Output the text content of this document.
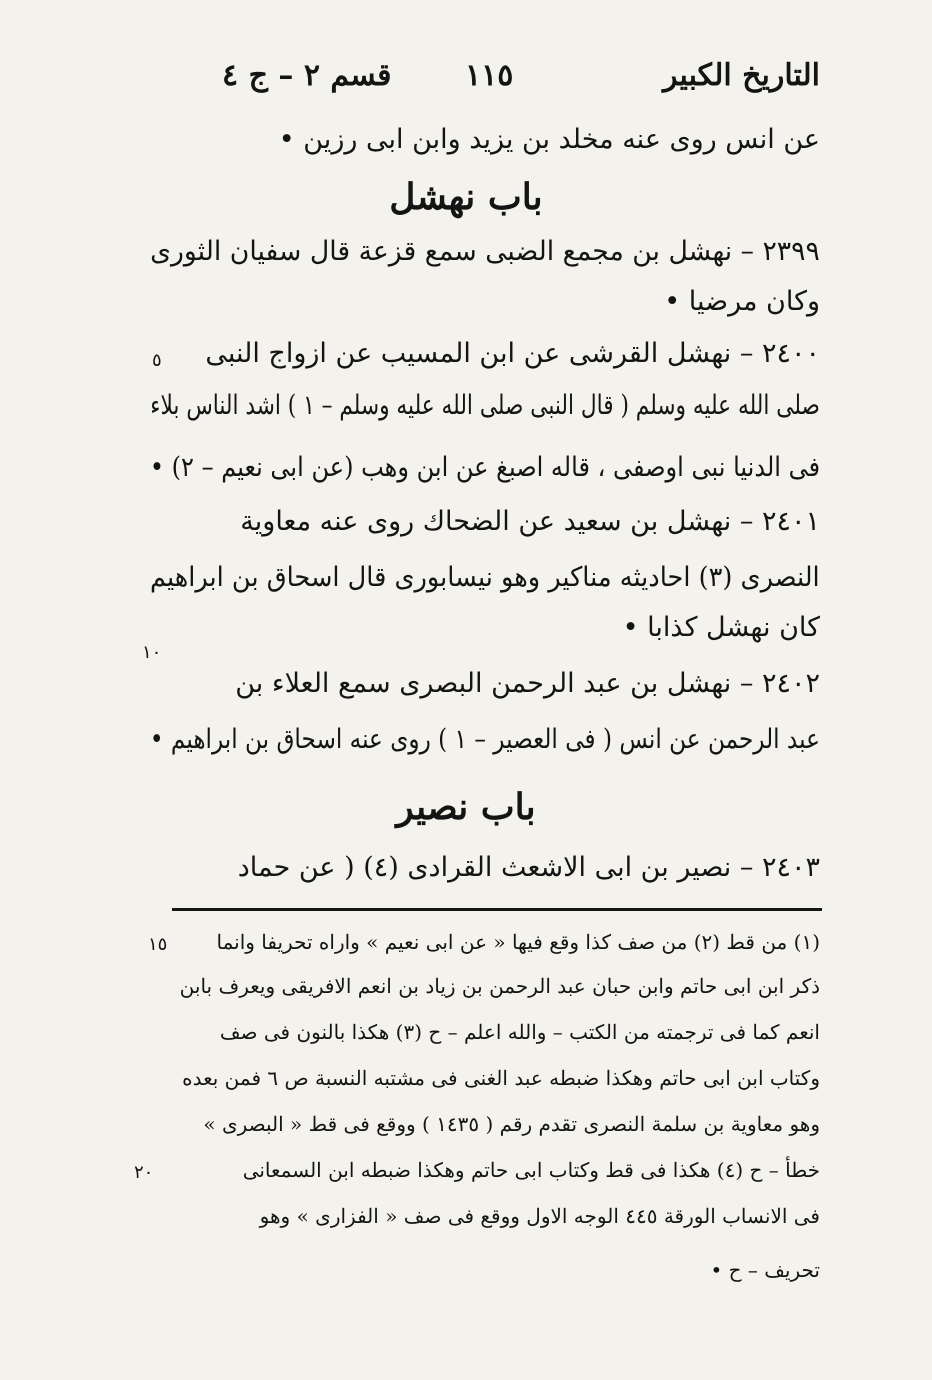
التاريخ الكبير
١١٥
قسم ٢ – ج ٤
عن انس روى عنه مخلد بن يزيد وابن ابى رزين •
باب نهشل
٢٣٩٩ – نهشل بن مجمع الضبى سمع قزعة قال سفيان الثورى
وكان مرضيا •
٢٤٠٠ – نهشل القرشى عن ابن المسيب عن ازواج النبى
صلى الله عليه وسلم ( قال النبى صلى الله عليه وسلم – ١ ) اشد الناس بلاء
فى الدنيا نبى اوصفى ، قاله اصبغ عن ابن وهب (عن ابى نعيم – ٢) •
٢٤٠١ – نهشل بن سعيد عن الضحاك روى عنه معاوية
النصرى (٣) احاديثه مناكير وهو نيسابورى قال اسحاق بن ابراهيم
كان نهشل كذابا •
٢٤٠٢ – نهشل بن عبد الرحمن البصرى سمع العلاء بن
عبد الرحمن عن انس ( فى العصير – ١ ) روى عنه اسحاق بن ابراهيم •
باب نصير
٢٤٠٣ – نصير بن ابى الاشعث القرادى (٤) ( عن حماد
٥
١٠
١٥
٢٠
(١) من قط (٢) من صف كذا وقع فيها « عن ابى نعيم » واراه تحريفا وانما
ذكر ابن ابى حاتم وابن حبان عبد الرحمن بن زياد بن انعم الافريقى ويعرف بابن
انعم كما فى ترجمته من الكتب – والله اعلم – ح (٣) هكذا بالنون فى صف
وكتاب ابن ابى حاتم وهكذا ضبطه عبد الغنى فى مشتبه النسبة ص ٦ فمن بعده
وهو معاوية بن سلمة النصرى تقدم رقم ( ١٤٣٥ ) ووقع فى قط « البصرى »
خطأ – ح (٤) هكذا فى قط وكتاب ابى حاتم وهكذا ضبطه ابن السمعانى
فى الانساب الورقة ٤٤٥ الوجه الاول ووقع فى صف « الفزارى » وهو
تحريف – ح •
